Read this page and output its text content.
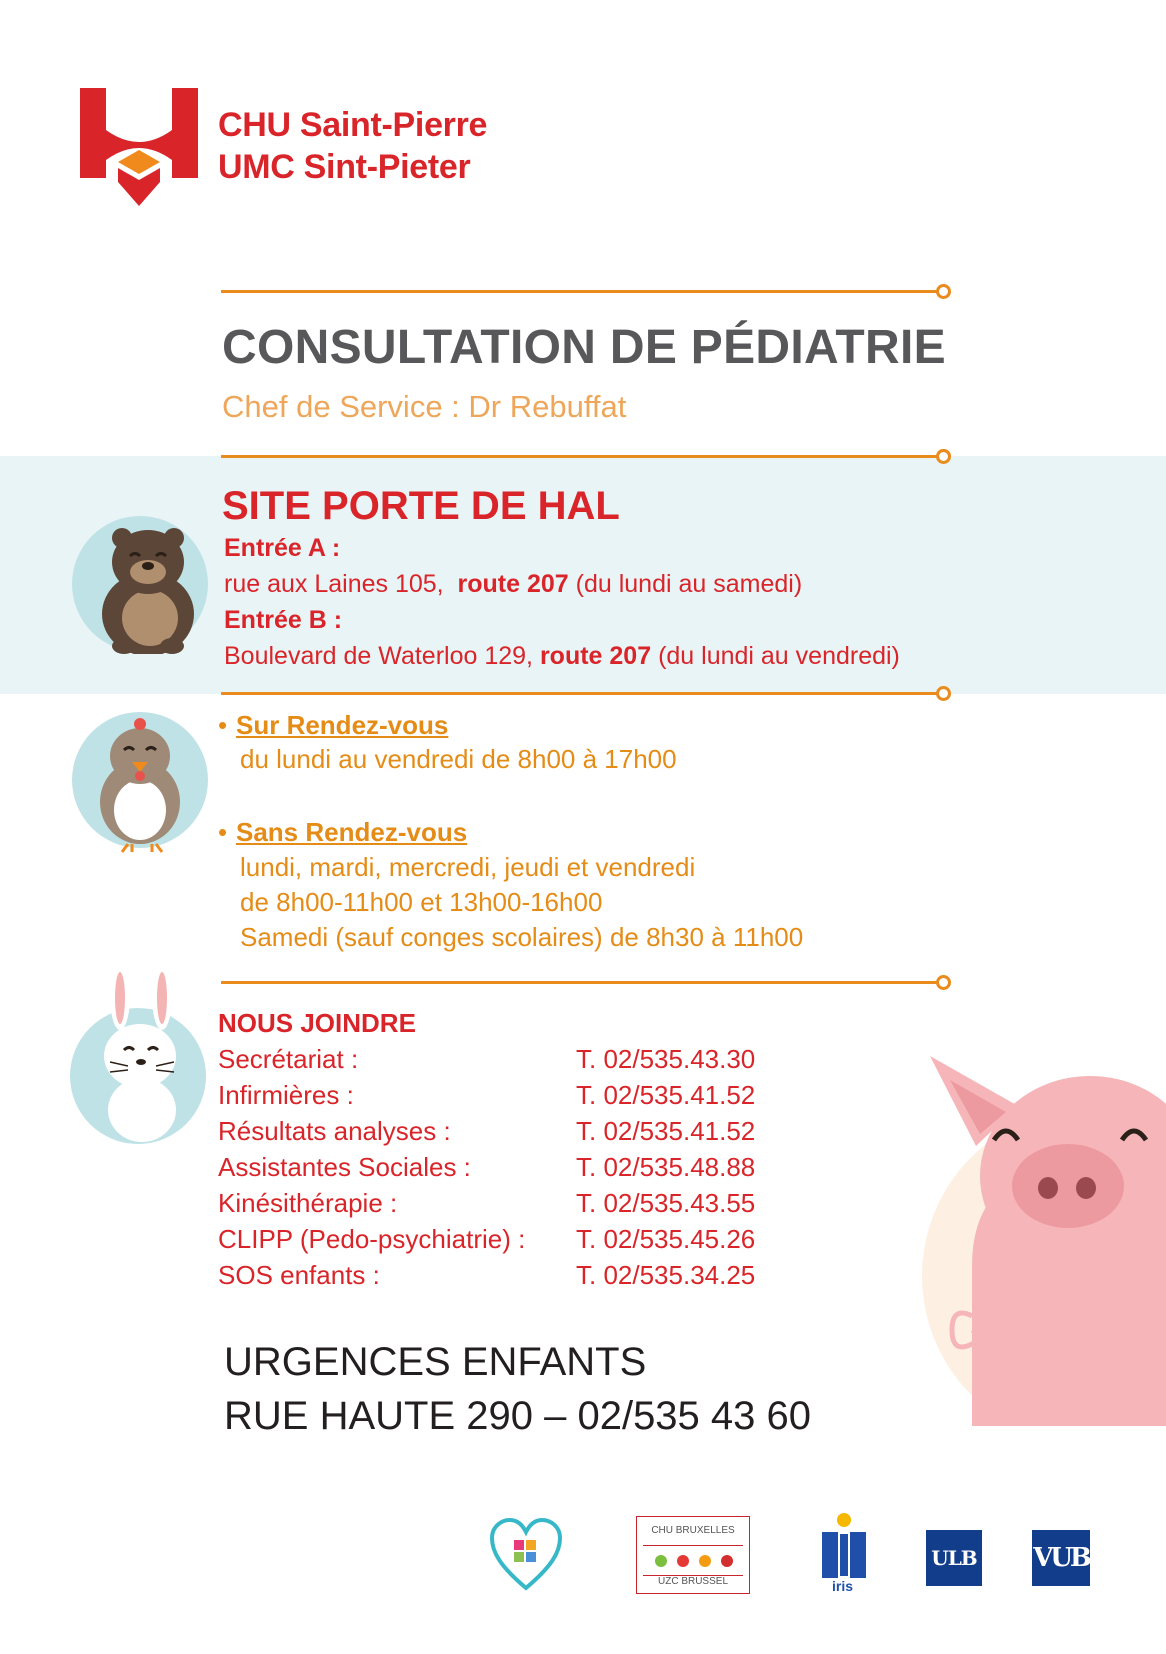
CHU Saint-Pierre
UMC Sint-Pieter
CONSULTATION DE PÉDIATRIE
Chef de Service : Dr Rebuffat
SITE PORTE DE HAL
Entrée A :
rue aux Laines 105, route 207 (du lundi au samedi)
Entrée B :
Boulevard de Waterloo 129, route 207 (du lundi au vendredi)
• Sur Rendez-vous
du lundi au vendredi de 8h00 à 17h00
• Sans Rendez-vous
lundi, mardi, mercredi, jeudi et vendredi
de 8h00-11h00 et 13h00-16h00
Samedi (sauf conges scolaires) de 8h30 à 11h00
NOUS JOINDRE
Secrétariat :	T. 02/535.43.30
Infirmières :	T. 02/535.41.52
Résultats analyses :	T. 02/535.41.52
Assistantes Sociales :	T. 02/535.48.88
Kinésithérapie :	T. 02/535.43.55
CLIPP (Pedo-psychiatrie) : T. 02/535.45.26
SOS enfants :	T. 02/535.34.25
URGENCES ENFANTS
RUE HAUTE 290 – 02/535 43 60
CHU BRUXELLES
UZC BRUSSEL	iris
ULB VUB
